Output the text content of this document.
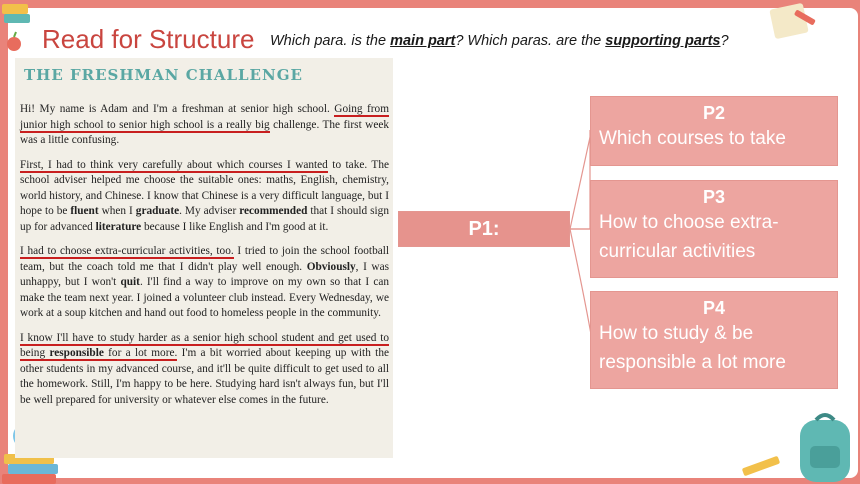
Read for Structure Which para. is the main part? Which paras. are the supporting parts?
THE FRESHMAN CHALLENGE

Hi! My name is Adam and I'm a freshman at senior high school. Going from junior high school to senior high school is a really big challenge. The first week was a little confusing.

First, I had to think very carefully about which courses I wanted to take. The school adviser helped me choose the suitable ones: maths, English, chemistry, world history, and Chinese. I know that Chinese is a very difficult language, but I hope to be fluent when I graduate. My adviser recommended that I should sign up for advanced literature because I like English and I'm good at it.

I had to choose extra-curricular activities, too. I tried to join the school football team, but the coach told me that I didn't play well enough. Obviously, I was unhappy, but I won't quit. I'll find a way to improve on my own so that I can make the team next year. I joined a volunteer club instead. Every Wednesday, we work at a soup kitchen and hand out food to homeless people in the community.

I know I'll have to study harder as a senior high school student and get used to being responsible for a lot more. I'm a bit worried about keeping up with the other students in my advanced course, and it'll be quite difficult to get used to all the homework. Still, I'm happy to be here. Studying hard isn't always fun, but I'll be well prepared for university or whatever else comes in the future.

P1:
Challenge
P2
Which courses to take
P3
How to choose extra-curricular activities
P4
How to study & be responsible a lot more
